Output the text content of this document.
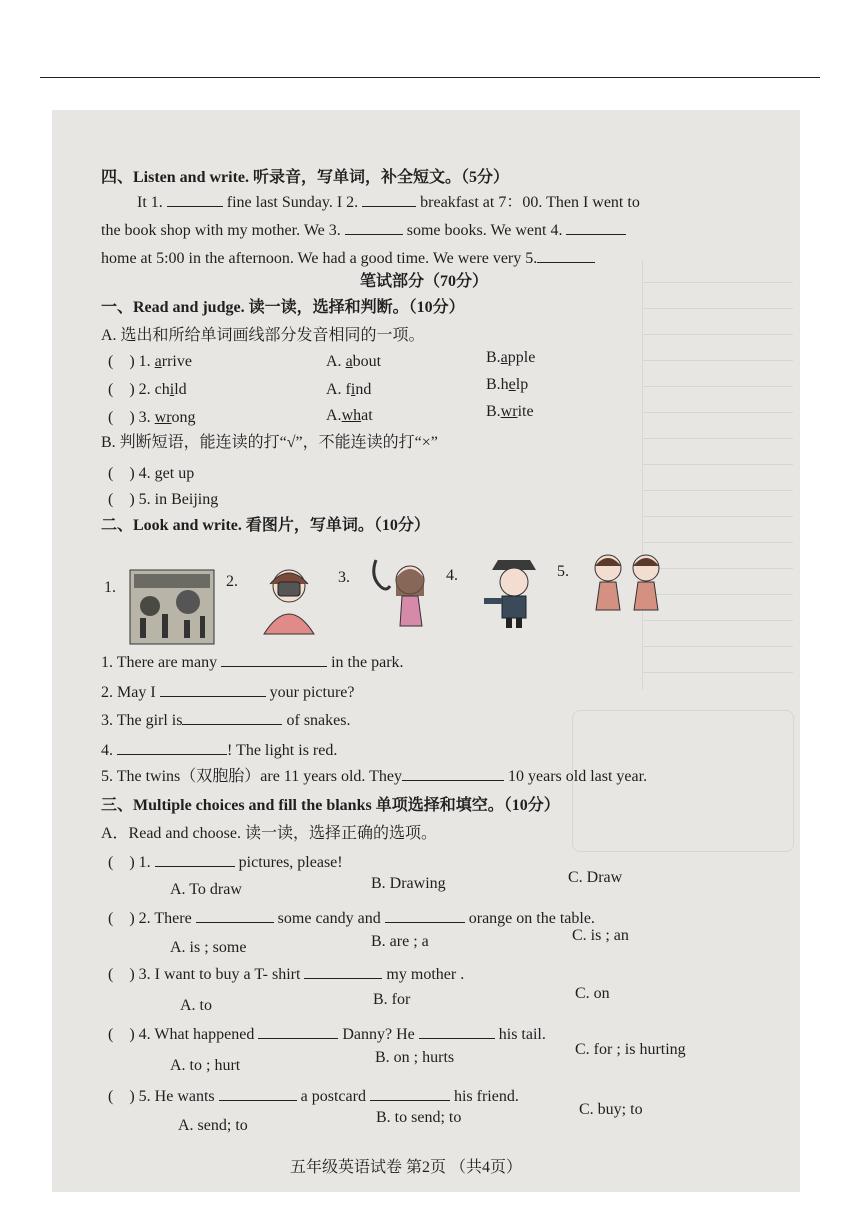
四、Listen and write. 听录音，写单词，补全短文。（5分）
It 1.	fine last Sunday. I 2.	breakfast at 7：00. Then I went to
the book shop with my mother. We 3.	some books. We went 4.
home at 5:00 in the afternoon. We had a good time. We were very 5.
笔试部分（70分）
一、Read and judge. 读一读，选择和判断。（10分）
A. 选出和所给单词画线部分发音相同的一项。
( ) 1. arrive	A. about	B.apple
( ) 2. child	A. find	B.help
( ) 3. wrong	A.what	B.write
B. 判断短语，能连读的打“√”，不能连读的打“×”
( ) 4. get up
( ) 5. in Beijing
二、Look and write. 看图片，写单词。（10分）
1.	2.	3.	4.	5.
1. There are many	in the park.
2. May I	your picture?
3. The girl is	of snakes.
4.	! The light is red.
5. The twins（双胞胎）are 11 years old. They	10 years old last year.
三、Multiple choices and fill the blanks 单项选择和填空。（10分）
A．Read and choose. 读一读，选择正确的选项。
( ) 1.	pictures, please!
A. To draw	B. Drawing	C. Draw
( ) 2. There	some candy and	orange on the table.
A. is ; some	B. are ; a	C. is ; an
( ) 3. I want to buy a T- shirt	my mother .
A. to	B. for	C. on
( ) 4. What happened	Danny? He	his tail.
A. to ; hurt	B. on ; hurts	C. for ; is hurting
( ) 5. He wants	a postcard	his friend.
A. send; to	B. to send; to	C. buy; to
五年级英语试卷 第2页 （共4页）
